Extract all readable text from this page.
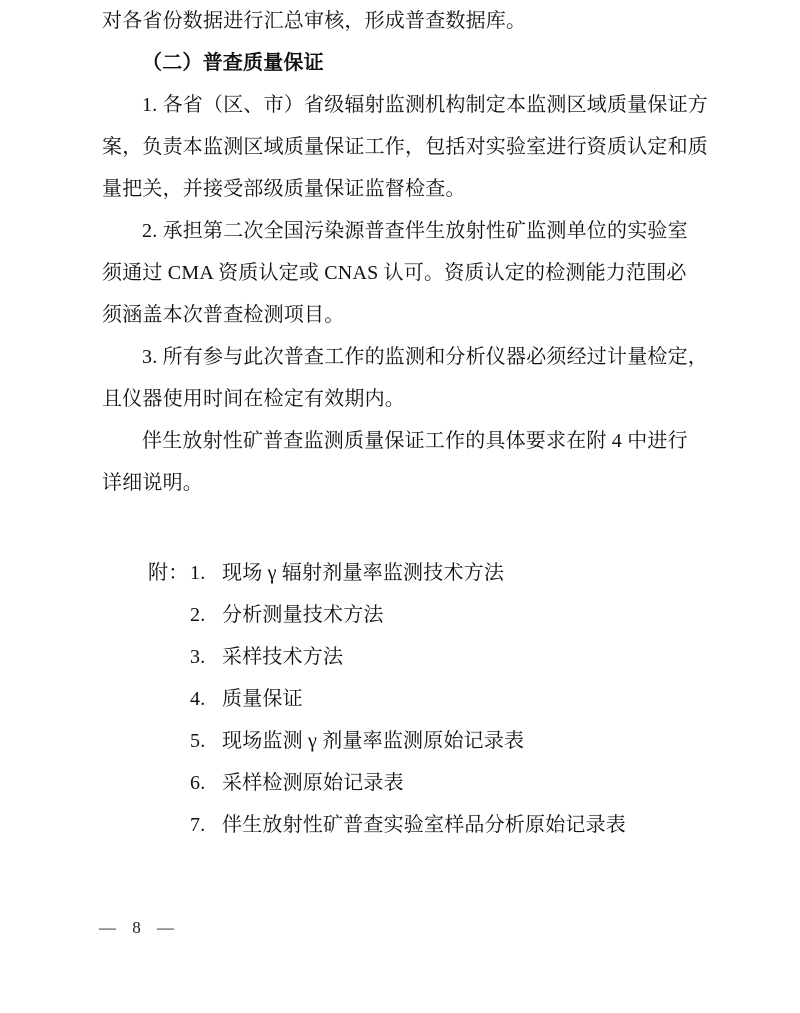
对各省份数据进行汇总审核，形成普查数据库。
（二）普查质量保证
1. 各省（区、市）省级辐射监测机构制定本监测区域质量保证方
案，负责本监测区域质量保证工作，包括对实验室进行资质认定和质
量把关，并接受部级质量保证监督检查。
2. 承担第二次全国污染源普查伴生放射性矿监测单位的实验室
须通过 CMA 资质认定或 CNAS 认可。资质认定的检测能力范围必
须涵盖本次普查检测项目。
3. 所有参与此次普查工作的监测和分析仪器必须经过计量检定，
且仪器使用时间在检定有效期内。
伴生放射性矿普查监测质量保证工作的具体要求在附 4 中进行
详细说明。
附： 1. 现场 γ 辐射剂量率监测技术方法
2. 分析测量技术方法
3. 采样技术方法
4. 质量保证
5. 现场监测 γ 剂量率监测原始记录表
6. 采样检测原始记录表
7. 伴生放射性矿普查实验室样品分析原始记录表
— 8 —
